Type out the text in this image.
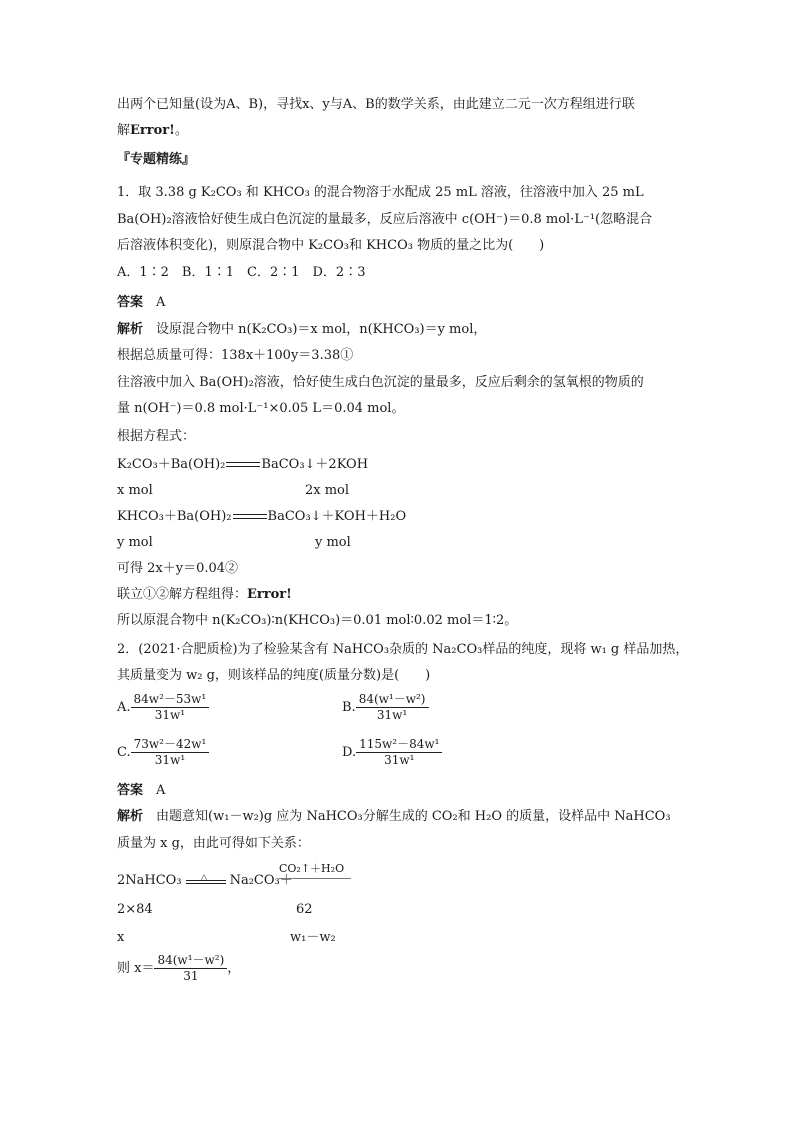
出两个已知量(设为A、B)，寻找x、y与A、B的数学关系，由此建立二元一次方程组进行联
解Error!。
『专题精练』
1．取 3.38 g K₂CO₃ 和 KHCO₃ 的混合物溶于水配成 25 mL 溶液，往溶液中加入 25 mL
Ba(OH)₂溶液恰好使生成白色沉淀的量最多，反应后溶液中 c(OH⁻)＝0.8 mol·L⁻¹(忽略混合
后溶液体积变化)，则原混合物中 K₂CO₃和 KHCO₃ 物质的量之比为(　　)
A．1∶2　B．1∶1　C．2∶1　D．2∶3
答案　 A
解析　 设原混合物中 n(K₂CO₃)＝x mol，n(KHCO₃)＝y mol，
根据总质量可得：138x＋100y＝3.38①
往溶液中加入 Ba(OH)₂溶液，恰好使生成白色沉淀的量最多，反应后剩余的氢氧根的物质的
量 n(OH⁻)＝0.8 mol·L⁻¹×0.05 L＝0.04 mol。
根据方程式：
K₂CO₃＋Ba(OH)₂	BaCO₃↓＋2KOH
x mol	2x mol
KHCO₃＋Ba(OH)₂	BaCO₃↓＋KOH＋H₂O
y mol	y mol
可得 2x＋y＝0.04②
联立①②解方程组得：Error!
所以原混合物中 n(K₂CO₃)∶n(KHCO₃)＝0.01 mol∶0.02 mol＝1∶2。
2．(2021·合肥质检)为了检验某含有 NaHCO₃杂质的 Na₂CO₃样品的纯度，现将 w₁ g 样品加热，
其质量变为 w₂ g，则该样品的纯度(质量分数)是(　　)
A. $\frac{\text{84w²－53w¹}}{\text{31w¹}}$	B. $\frac{\text{84(w¹－w²)}}{\text{31w¹}}$
C. $\frac{\text{73w²－42w¹}}{\text{31w¹}}$	D. $\frac{\text{115w²－84w¹}}{\text{31w¹}}$
答案　 A
解析　 由题意知(w₁－w₂)g 应为 NaHCO₃分解生成的 CO₂和 H₂O 的质量，设样品中 NaHCO₃
质量为 x g，由此可得如下关系：
2NaHCO₃ △ Na₂CO₃＋
CO₂↑＋H₂O
2×84	62
x	w₁－w₂
则 $x= \frac{\text{84(w¹－w²)}}{31}$ ，
